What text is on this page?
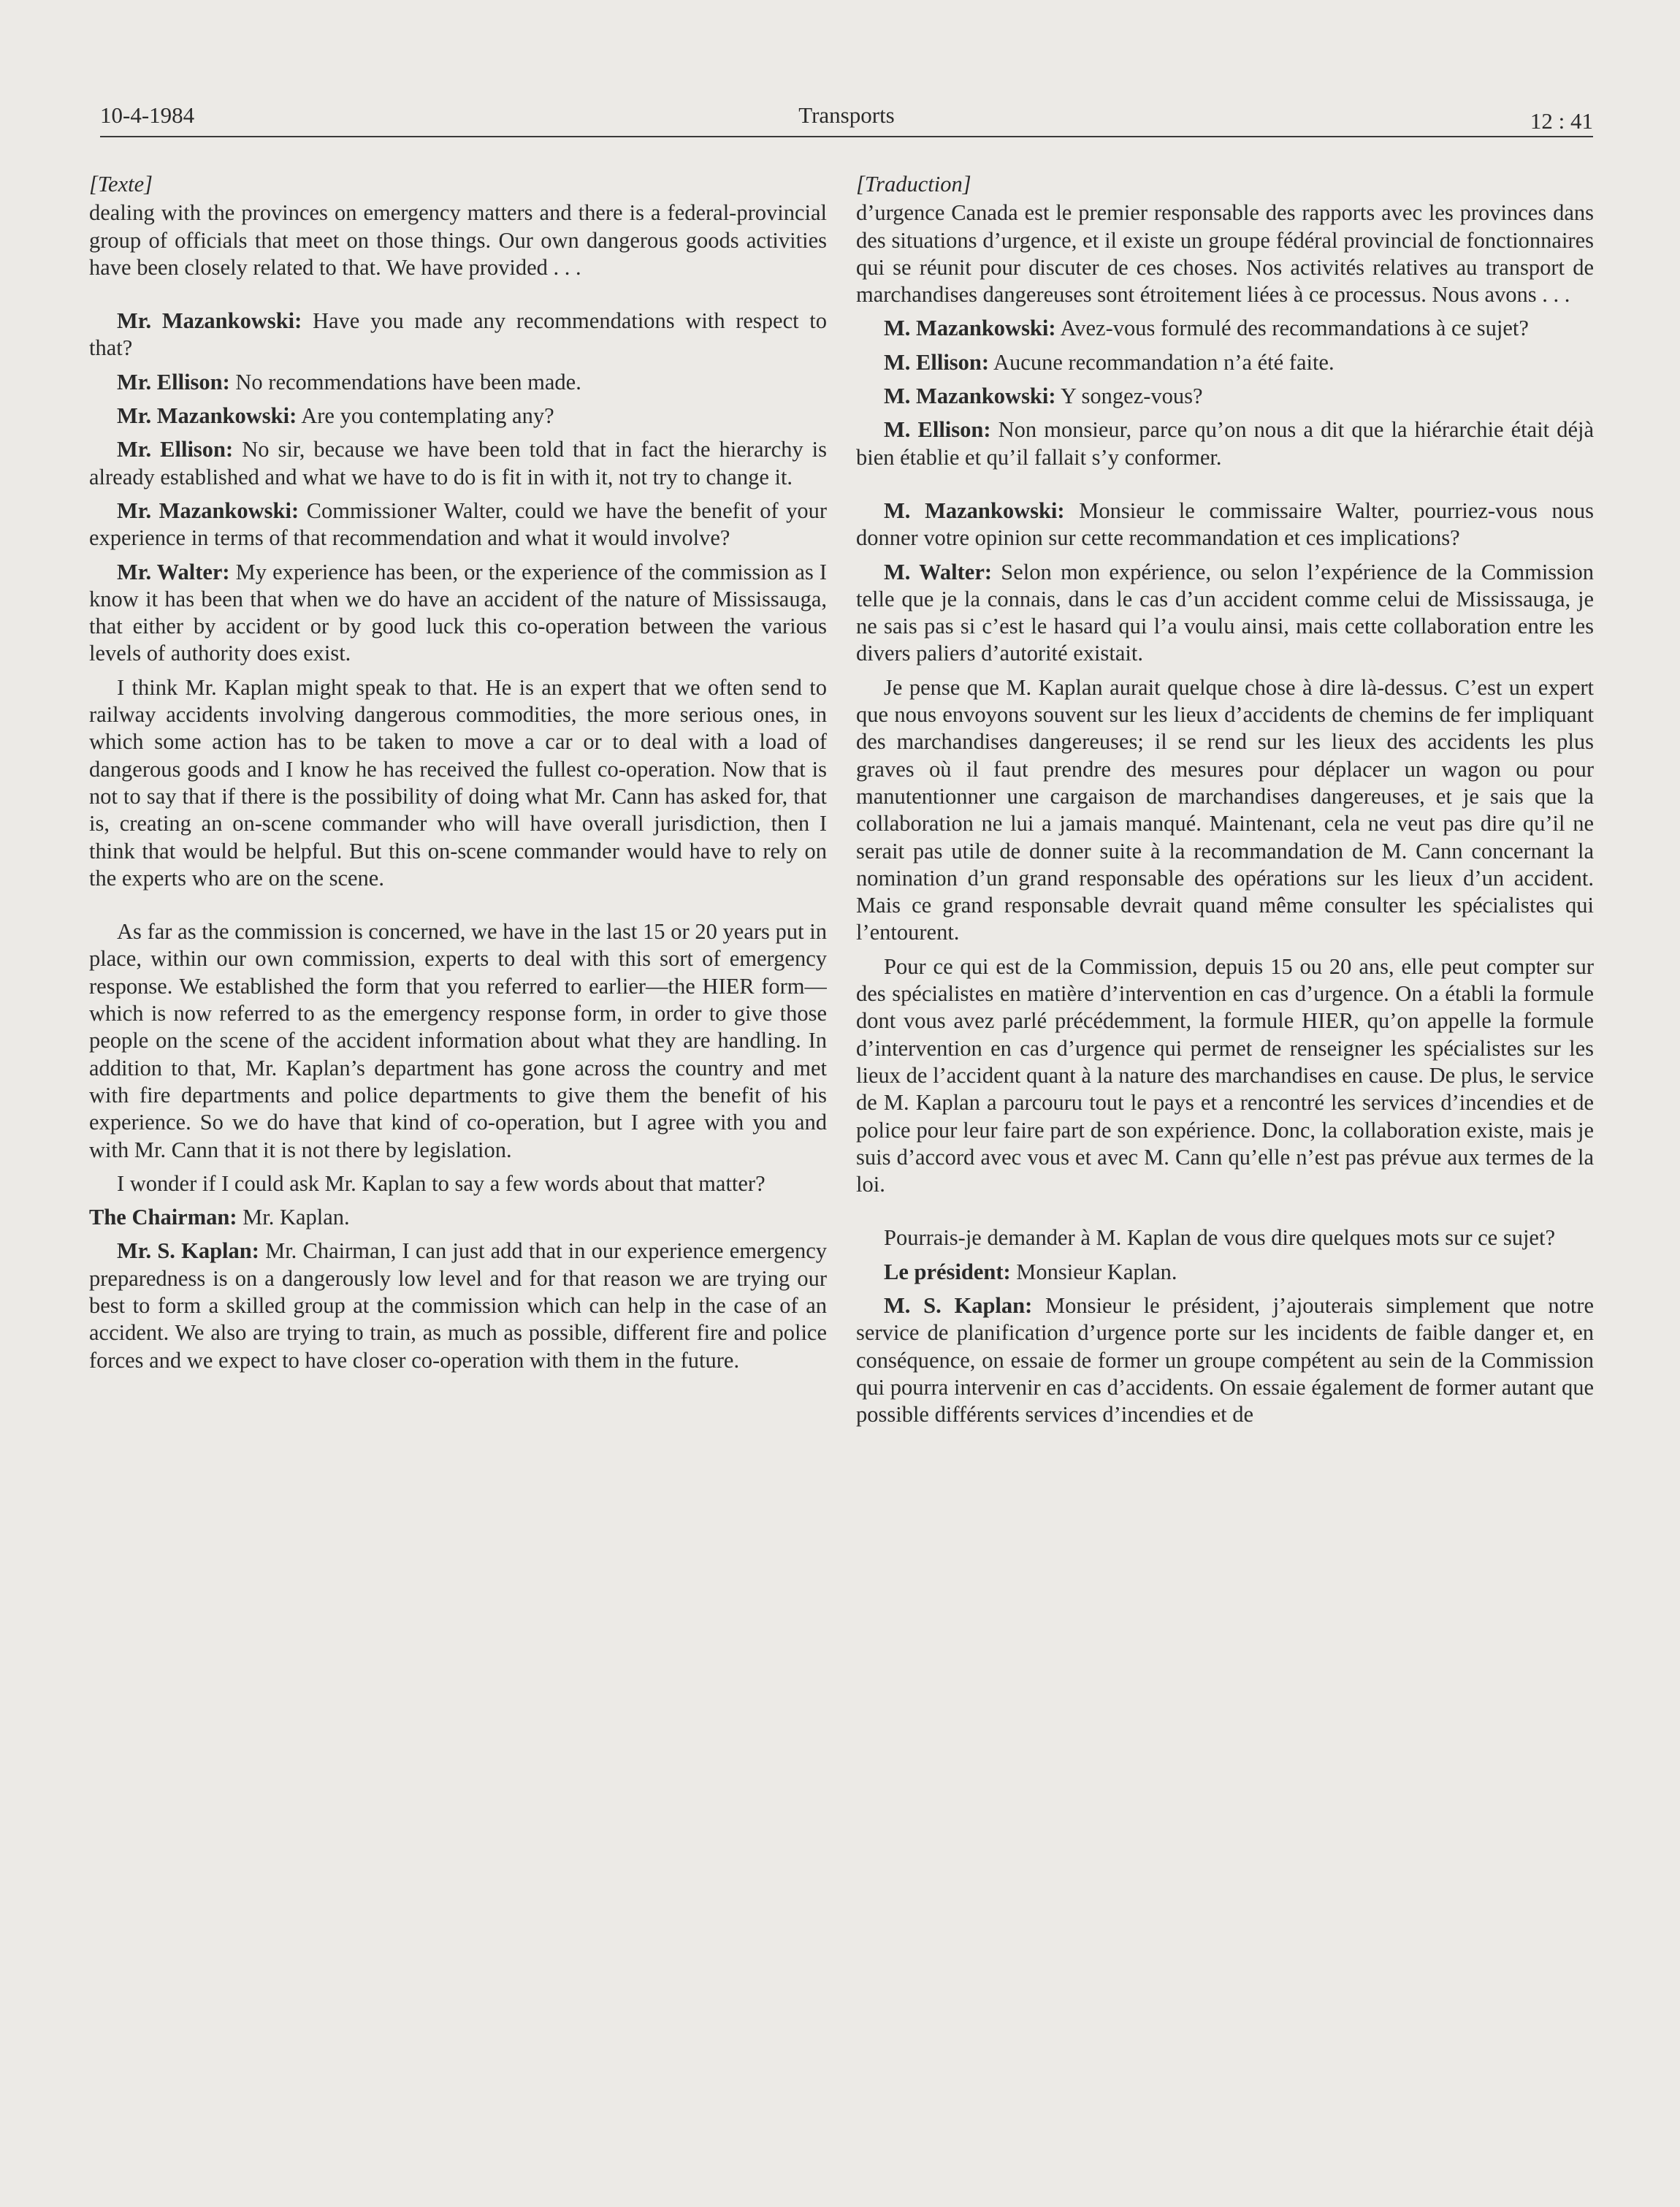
10-4-1984	Transports	12 : 41

[Texte]

dealing with the provinces on emergency matters and there is a federal-provincial group of officials that meet on those things. Our own dangerous goods activities have been closely related to that. We have provided . . .

Mr. Mazankowski: Have you made any recommendations with respect to that?

Mr. Ellison: No recommendations have been made.

Mr. Mazankowski: Are you contemplating any?

Mr. Ellison: No sir, because we have been told that in fact the hierarchy is already established and what we have to do is fit in with it, not try to change it.

Mr. Mazankowski: Commissioner Walter, could we have the benefit of your experience in terms of that recommendation and what it would involve?

Mr. Walter: My experience has been, or the experience of the commission as I know it has been that when we do have an accident of the nature of Mississauga, that either by accident or by good luck this co-operation between the various levels of authority does exist.

I think Mr. Kaplan might speak to that. He is an expert that we often send to railway accidents involving dangerous commodities, the more serious ones, in which some action has to be taken to move a car or to deal with a load of dangerous goods and I know he has received the fullest co-operation. Now that is not to say that if there is the possibility of doing what Mr. Cann has asked for, that is, creating an on-scene commander who will have overall jurisdiction, then I think that would be helpful. But this on-scene commander would have to rely on the experts who are on the scene.

As far as the commission is concerned, we have in the last 15 or 20 years put in place, within our own commission, experts to deal with this sort of emergency response. We established the form that you referred to earlier—the HIER form—which is now referred to as the emergency response form, in order to give those people on the scene of the accident information about what they are handling. In addition to that, Mr. Kaplan’s department has gone across the country and met with fire departments and police departments to give them the benefit of his experience. So we do have that kind of co-operation, but I agree with you and with Mr. Cann that it is not there by legislation.

I wonder if I could ask Mr. Kaplan to say a few words about that matter?

The Chairman: Mr. Kaplan.

Mr. S. Kaplan: Mr. Chairman, I can just add that in our experience emergency preparedness is on a dangerously low level and for that reason we are trying our best to form a skilled group at the commission which can help in the case of an accident. We also are trying to train, as much as possible, different fire and police forces and we expect to have closer co-operation with them in the future.

[Traduction]

d’urgence Canada est le premier responsable des rapports avec les provinces dans des situations d’urgence, et il existe un groupe fédéral provincial de fonctionnaires qui se réunit pour discuter de ces choses. Nos activités relatives au transport de marchandises dangereuses sont étroitement liées à ce processus. Nous avons . . .

M. Mazankowski: Avez-vous formulé des recommandations à ce sujet?

M. Ellison: Aucune recommandation n’a été faite.

M. Mazankowski: Y songez-vous?

M. Ellison: Non monsieur, parce qu’on nous a dit que la hiérarchie était déjà bien établie et qu’il fallait s’y conformer.

M. Mazankowski: Monsieur le commissaire Walter, pourriez-vous nous donner votre opinion sur cette recommandation et ces implications?

M. Walter: Selon mon expérience, ou selon l’expérience de la Commission telle que je la connais, dans le cas d’un accident comme celui de Mississauga, je ne sais pas si c’est le hasard qui l’a voulu ainsi, mais cette collaboration entre les divers paliers d’autorité existait.

Je pense que M. Kaplan aurait quelque chose à dire là-dessus. C’est un expert que nous envoyons souvent sur les lieux d’accidents de chemins de fer impliquant des marchandises dangereuses; il se rend sur les lieux des accidents les plus graves où il faut prendre des mesures pour déplacer un wagon ou pour manutentionner une cargaison de marchandises dangereuses, et je sais que la collaboration ne lui a jamais manqué. Maintenant, cela ne veut pas dire qu’il ne serait pas utile de donner suite à la recommandation de M. Cann concernant la nomination d’un grand responsable des opérations sur les lieux d’un accident. Mais ce grand responsable devrait quand même consulter les spécialistes qui l’entourent.

Pour ce qui est de la Commission, depuis 15 ou 20 ans, elle peut compter sur des spécialistes en matière d’intervention en cas d’urgence. On a établi la formule dont vous avez parlé précédemment, la formule HIER, qu’on appelle la formule d’intervention en cas d’urgence qui permet de renseigner les spécialistes sur les lieux de l’accident quant à la nature des marchandises en cause. De plus, le service de M. Kaplan a parcouru tout le pays et a rencontré les services d’incendies et de police pour leur faire part de son expérience. Donc, la collaboration existe, mais je suis d’accord avec vous et avec M. Cann qu’elle n’est pas prévue aux termes de la loi.

Pourrais-je demander à M. Kaplan de vous dire quelques mots sur ce sujet?

Le président: Monsieur Kaplan.

M. S. Kaplan: Monsieur le président, j’ajouterais simplement que notre service de planification d’urgence porte sur les incidents de faible danger et, en conséquence, on essaie de former un groupe compétent au sein de la Commission qui pourra intervenir en cas d’accidents. On essaie également de former autant que possible différents services d’incendies et de
